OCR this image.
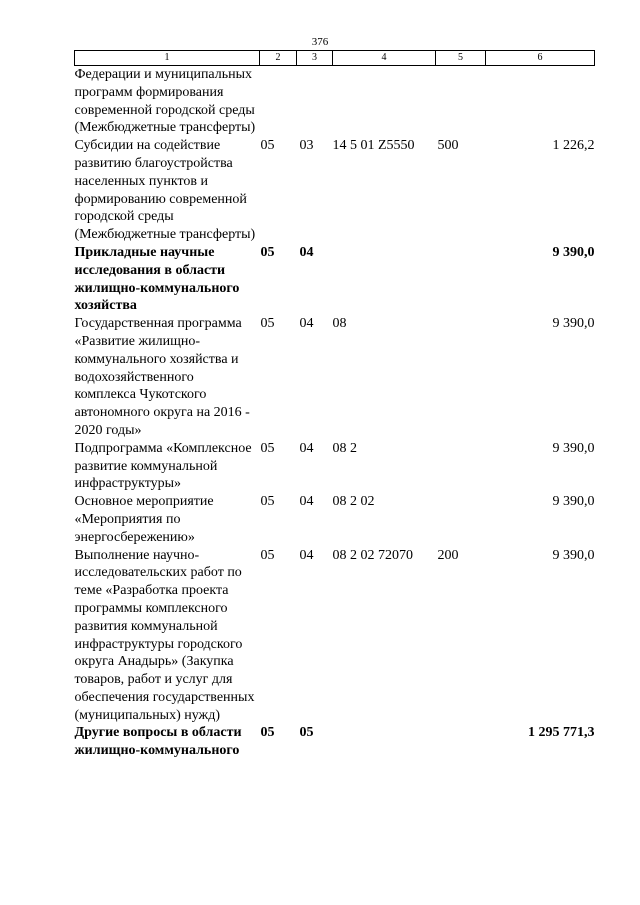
376
1	2	3	4	5	6
Федерации и муниципальных программ формирования современной городской среды (Межбюджетные трансферты)					
Субсидии на содействие развитию благоустройства населенных пунктов и формированию современной городской среды (Межбюджетные трансферты)	05	03	14 5 01 Z5550	500	1 226,2
Прикладные научные исследования в области жилищно-коммунального хозяйства	05	04			9 390,0
Государственная программа «Развитие жилищно-коммунального хозяйства и водохозяйственного комплекса Чукотского автономного округа на 2016 - 2020 годы»	05	04	08		9 390,0
Подпрограмма «Комплексное развитие коммунальной инфраструктуры»	05	04	08 2		9 390,0
Основное мероприятие «Мероприятия по энергосбережению»	05	04	08 2 02		9 390,0
Выполнение научно-исследовательских работ по теме «Разработка проекта программы комплексного развития коммунальной инфраструктуры городского округа Анадырь» (Закупка товаров, работ и услуг для обеспечения государственных (муниципальных) нужд)	05	04	08 2 02 72070	200	9 390,0
Другие вопросы в области жилищно-коммунального	05	05			1 295 771,3
